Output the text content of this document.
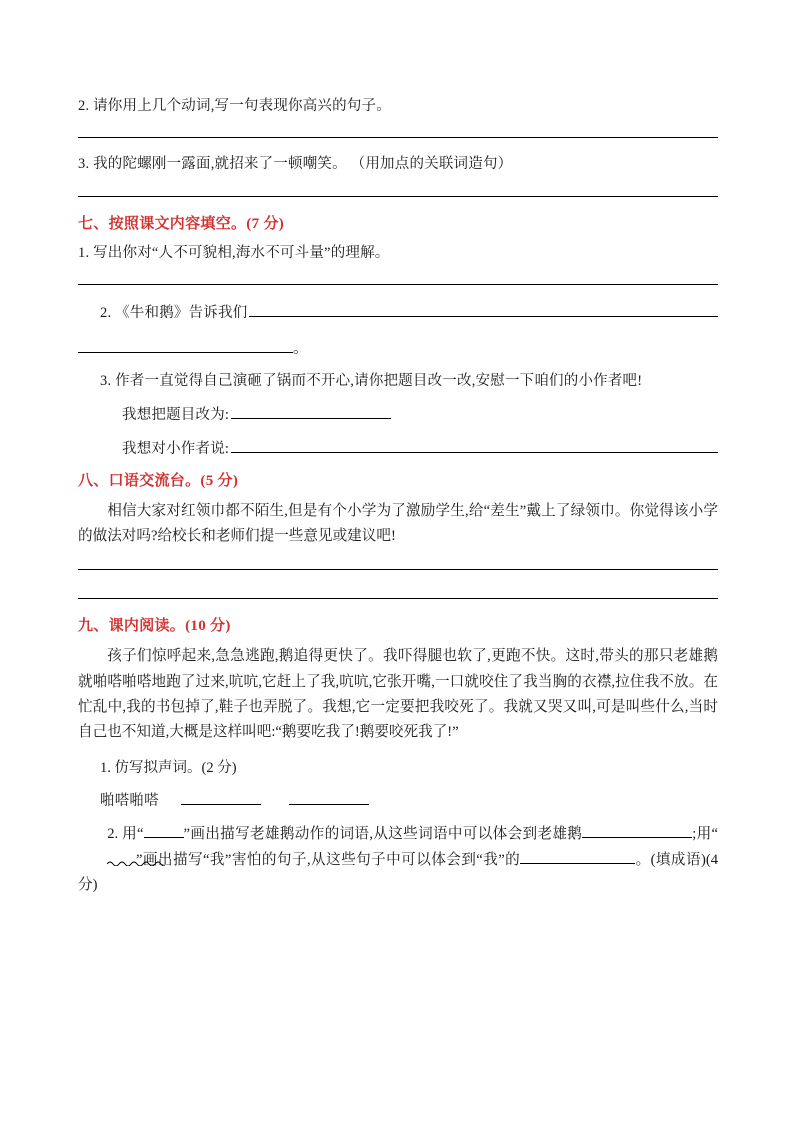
2. 请你用上几个动词,写一句表现你高兴的句子。

3. 我的陀螺刚一露面,就招来了一顿嘲笑。 （用加点的关联词造句）

七、按照课文内容填空。(7 分)

1. 写出你对“人不可貌相,海水不可斗量”的理解。

2. 《牛和鹅》告诉我们
。

3. 作者一直觉得自己演砸了锅而不开心,请你把题目改一改,安慰一下咱们的小作者吧!

我想把题目改为:
我想对小作者说:

八、口语交流台。(5 分)

相信大家对红领巾都不陌生,但是有个小学为了激励学生,给“差生”戴上了绿领巾。你觉得该小学的做法对吗?给校长和老师们提一些意见或建议吧!

九、课内阅读。(10 分)

孩子们惊呼起来,急急逃跑,鹅追得更快了。我吓得腿也软了,更跑不快。这时,带头的那只老雄鹅就啪嗒啪嗒地跑了过来,吭吭,它赶上了我,吭吭,它张开嘴,一口就咬住了我当胸的衣襟,拉住我不放。在忙乱中,我的书包掉了,鞋子也弄脱了。我想,它一定要把我咬死了。我就又哭又叫,可是叫些什么,当时自己也不知道,大概是这样叫吧:“鹅要吃我了!鹅要咬死我了!”

1. 仿写拟声词。(2 分)

啪嗒啪嗒

2. 用“	”画出描写老雄鹅动作的词语,从这些词语中可以体会到老雄鹅	;用“”画出描写“我”害怕的句子,从这些句子中可以体会到“我”的	。(填成语)(4 分)
